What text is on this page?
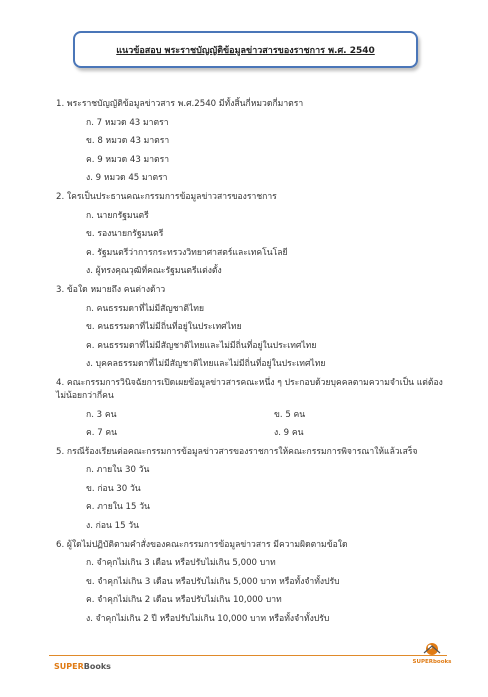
แนวข้อสอบ พระราชบัญญัติข้อมูลข่าวสารของราชการ พ.ศ. 2540
1. พระราชบัญญัติข้อมูลข่าวสาร พ.ศ.2540 มีทั้งสิ้นกี่หมวดกี่มาตรา
ก. 7 หมวด 43 มาตรา
ข. 8 หมวด 43 มาตรา
ค. 9 หมวด 43 มาตรา
ง. 9 หมวด 45 มาตรา
2. ใครเป็นประธานคณะกรรมการข้อมูลข่าวสารของราชการ
ก. นายกรัฐมนตรี
ข. รองนายกรัฐมนตรี
ค. รัฐมนตรีว่าการกระทรวงวิทยาศาสตร์และเทคโนโลยี
ง. ผู้ทรงคุณวุฒิที่คณะรัฐมนตรีแต่งตั้ง
3. ข้อใด หมายถึง คนต่างด้าว
ก. คนธรรมดาที่ไม่มีสัญชาติไทย
ข. คนธรรมดาที่ไม่มีถิ่นที่อยู่ในประเทศไทย
ค. คนธรรมดาที่ไม่มีสัญชาติไทยและไม่มีถิ่นที่อยู่ในประเทศไทย
ง. บุคคลธรรมดาที่ไม่มีสัญชาติไทยและไม่มีถิ่นที่อยู่ในประเทศไทย
4. คณะกรรมการวินิจฉัยการเปิดเผยข้อมูลข่าวสารคณะหนึ่ง ๆ ประกอบด้วยบุคคลตามความจำเป็น แต่ต้อง
ไม่น้อยกว่ากี่คน
ก. 3 คน	ข. 5 คน
ค. 7 คน	ง. 9 คน
5. กรณีร้องเรียนต่อคณะกรรมการข้อมูลข่าวสารของราชการให้คณะกรรมการพิจารณาให้แล้วเสร็จ
ก. ภายใน 30 วัน
ข. ก่อน 30 วัน
ค. ภายใน 15 วัน
ง. ก่อน 15 วัน
6. ผู้ใดไม่ปฏิบัติตามคำสั่งของคณะกรรมการข้อมูลข่าวสาร มีความผิดตามข้อใด
ก. จำคุกไม่เกิน 3 เดือน หรือปรับไม่เกิน 5,000 บาท
ข. จำคุกไม่เกิน 3 เดือน หรือปรับไม่เกิน 5,000 บาท หรือทั้งจำทั้งปรับ
ค. จำคุกไม่เกิน 2 เดือน หรือปรับไม่เกิน 10,000 บาท
ง. จำคุกไม่เกิน 2 ปี หรือปรับไม่เกิน 10,000 บาท หรือทั้งจำทั้งปรับ
SUPERBooks	SUPERbooks
